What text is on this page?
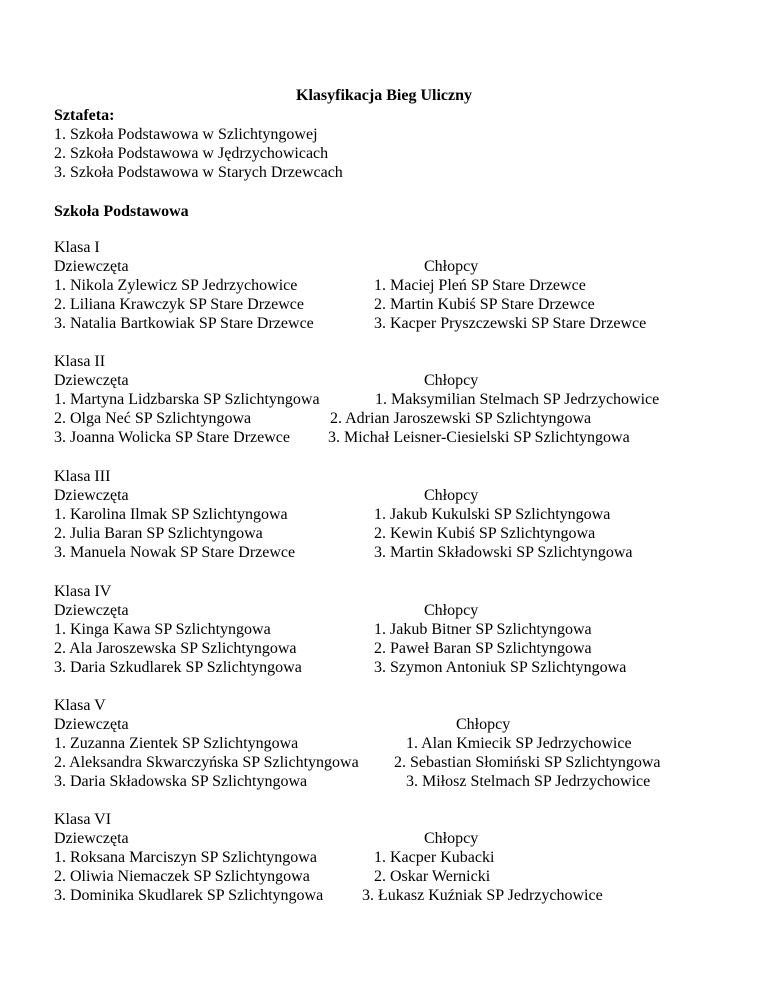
Klasyfikacja Bieg Uliczny
Sztafeta:
1. Szkoła Podstawowa w Szlichtyngowej
2. Szkoła Podstawowa w Jędrzychowicach
3. Szkoła Podstawowa w Starych Drzewcach
Szkoła Podstawowa
Klasa I
Dziewczęta	Chłopcy
1. Nikola Zylewicz SP Jedrzychowice	1. Maciej Pleń SP Stare Drzewce
2. Liliana Krawczyk SP Stare Drzewce	2. Martin Kubiś SP Stare Drzewce
3. Natalia Bartkowiak SP Stare Drzewce	3. Kacper Pryszczewski SP Stare Drzewce
Klasa II
Dziewczęta	Chłopcy
1. Martyna Lidzbarska SP Szlichtyngowa	1. Maksymilian Stelmach SP Jedrzychowice
2. Olga Neć SP Szlichtyngowa	2. Adrian Jaroszewski SP Szlichtyngowa
3. Joanna Wolicka SP Stare Drzewce 3. Michał Leisner-Ciesielski SP Szlichtyngowa
Klasa III
Dziewczęta	Chłopcy
1. Karolina Ilmak SP Szlichtyngowa	1. Jakub Kukulski SP Szlichtyngowa
2. Julia Baran SP Szlichtyngowa	2. Kewin Kubiś SP Szlichtyngowa
3. Manuela Nowak SP Stare Drzewce	3. Martin Składowski SP Szlichtyngowa
Klasa IV
Dziewczęta	Chłopcy
1. Kinga Kawa SP Szlichtyngowa	1. Jakub Bitner SP Szlichtyngowa
2. Ala Jaroszewska SP Szlichtyngowa	2. Paweł Baran SP Szlichtyngowa
3. Daria Szkudlarek SP Szlichtyngowa	3. Szymon Antoniuk SP Szlichtyngowa
Klasa V
Dziewczęta	Chłopcy
1. Zuzanna Zientek SP Szlichtyngowa	1. Alan Kmiecik SP Jedrzychowice
2. Aleksandra Skwarczyńska SP Szlichtyngowa 2. Sebastian Słomiński SP Szlichtyngowa
3. Daria Składowska SP Szlichtyngowa	3. Miłosz Stelmach SP Jedrzychowice
Klasa VI
Dziewczęta	Chłopcy
1. Roksana Marciszyn SP Szlichtyngowa	1. Kacper Kubacki
2. Oliwia Niemaczek SP Szlichtyngowa	2. Oskar Wernicki
3. Dominika Skudlarek SP Szlichtyngowa 3. Łukasz Kuźniak SP Jedrzychowice
